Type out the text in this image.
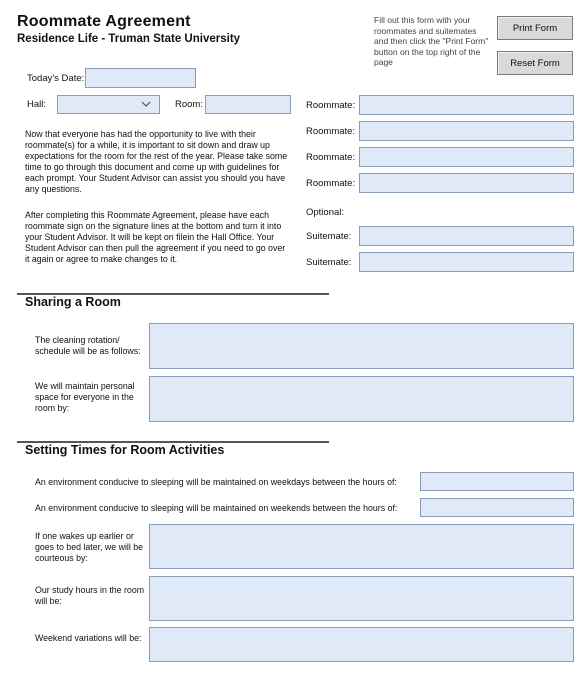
Roommate Agreement
Residence Life - Truman State University
Fill out this form with your roommates and suitemates and then click the "Print Form" button on the top right of the page
Print Form
Reset Form
Today's Date:
Hall:	Room:	Roommate:
Roommate:
Roommate:
Roommate:
Optional:
Suitemate:
Suitemate:
Now that everyone has had the opportunity to live with their roommate(s) for a while, it is important to sit down and draw up expectations for the room for the rest of the year. Please take some time to go through this document and come up with guidelines for each prompt. Your Student Advisor can assist you should you have any questions.
After completing this Roommate Agreement, please have each roommate sign on the signature lines at the bottom and turn it into your Student Advisor. It will be kept on filein the Hall Office. Your Student Advisor can then pull the agreement if you need to go over it again or agree to make changes to it.
Sharing a Room
The cleaning rotation/ schedule will be as follows:
We will maintain personal space for everyone in the room by:
Setting Times for Room Activities
An environment conducive to sleeping will be maintained on weekdays between the hours of:
An environment conducive to sleeping will be maintained on weekends between the hours of:
If one wakes up earlier or goes to bed later, we will be courteous by:
Our study hours in the room will be:
Weekend variations will be:
